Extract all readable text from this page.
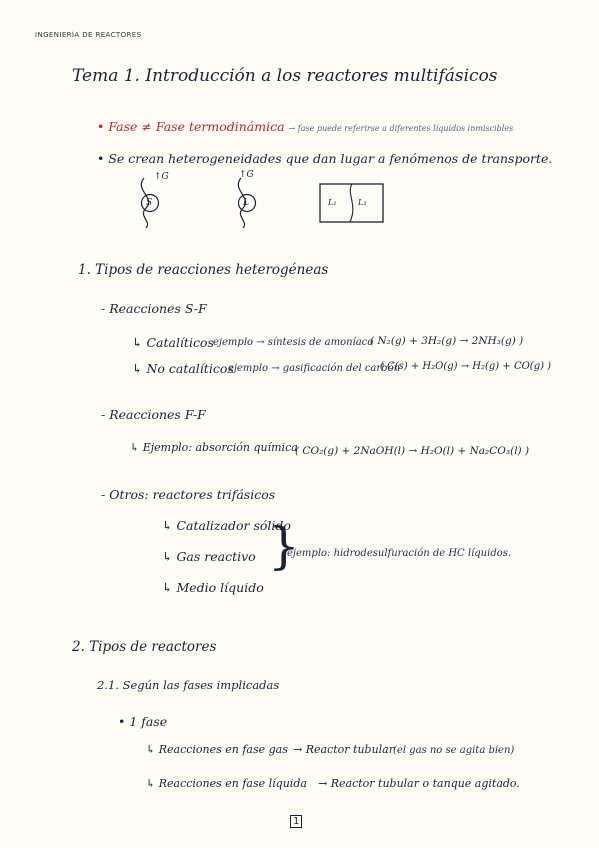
INGENIERÍA DE REACTORES
Tema 1. Introducción a los reactores multifásicos
• Fase ≠ Fase termodinámica → fase puede referirse a diferentes líquidos inmiscibles
• Se crean heterogeneidades que dan lugar a fenómenos de transporte.
↑G
S
↑G
L	L₁	L₂
1. Tipos de reacciones heterogéneas
- Reacciones S-F
↳ Catalíticos ejemplo → síntesis de amoníaco
( N₂(g) + 3H₂(g) → 2NH₃(g) )
↳ No catalíticos
ejemplo → gasificación del carbón
( C(s) + H₂O(g) → H₂(g) + CO(g) )
- Reacciones F-F
↳ Ejemplo: absorción química
( CO₂(g) + 2NaOH(l) → H₂O(l) + Na₂CO₃(l) )
- Otros: reactores trifásicos
↳ Catalizador sólido
↳ Gas reactivo
↳ Medio líquido
}
ejemplo: hidrodesulfuración de HC líquidos.
2. Tipos de reactores
2.1. Según las fases implicadas
• 1 fase
↳ Reacciones en fase gas → Reactor tubular (el gas no se agita bien)
↳ Reacciones en fase líquida → Reactor tubular o tanque agitado.
1
